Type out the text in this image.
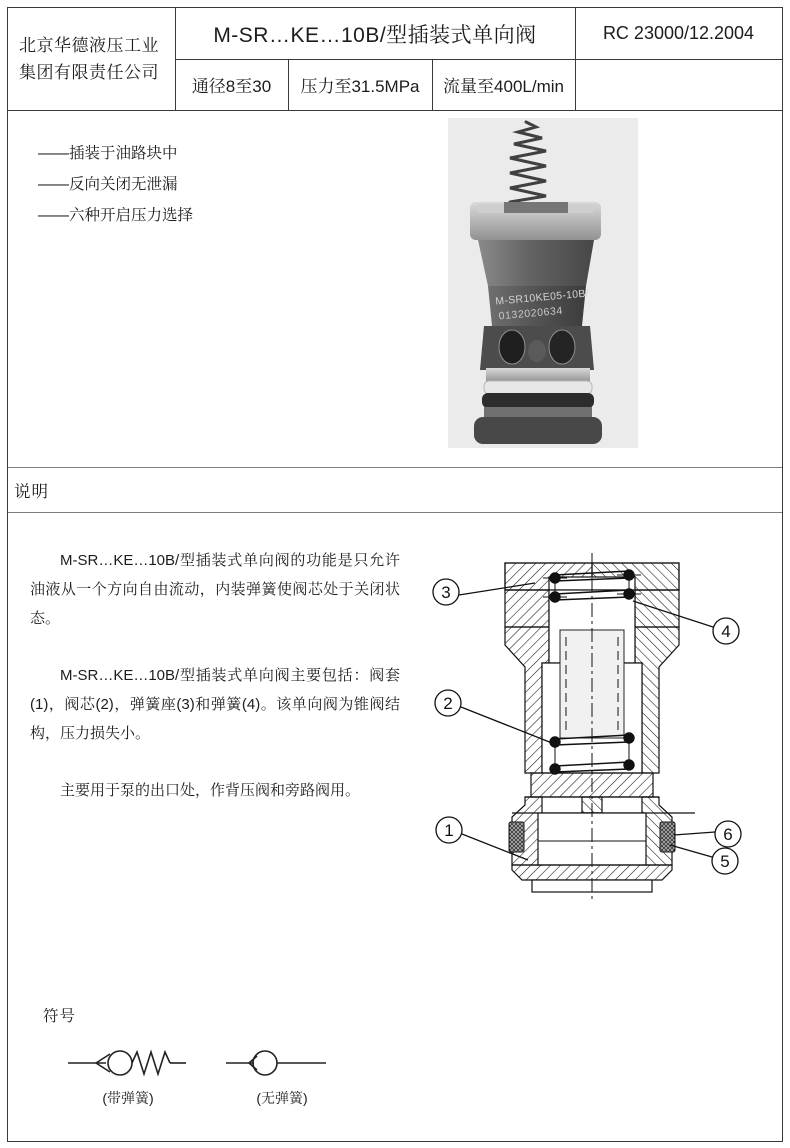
北京华德液压工业
集团有限责任公司
M-SR…KE…10B/型插装式单向阀	RC 23000/12.2004
通径8至30	压力至31.5MPa	流量至400L/min
——插装于油路块中
——反向关闭无泄漏
——六种开启压力选择
M-SR10KE05-10B/
0132020634
说明

M-SR…KE…10B/型插装式单向阀的功能是只允许油液从一个方向自由流动，内装弹簧使阀芯处于关闭状态。

M-SR…KE…10B/型插装式单向阀主要包括：阀套(1)，阀芯(2)，弹簧座(3)和弹簧(4)。该单向阀为锥阀结构，压力损失小。

主要用于泵的出口处，作背压阀和旁路阀用。

3
4
2
1	6
5
符号
(带弹簧)	(无弹簧)
